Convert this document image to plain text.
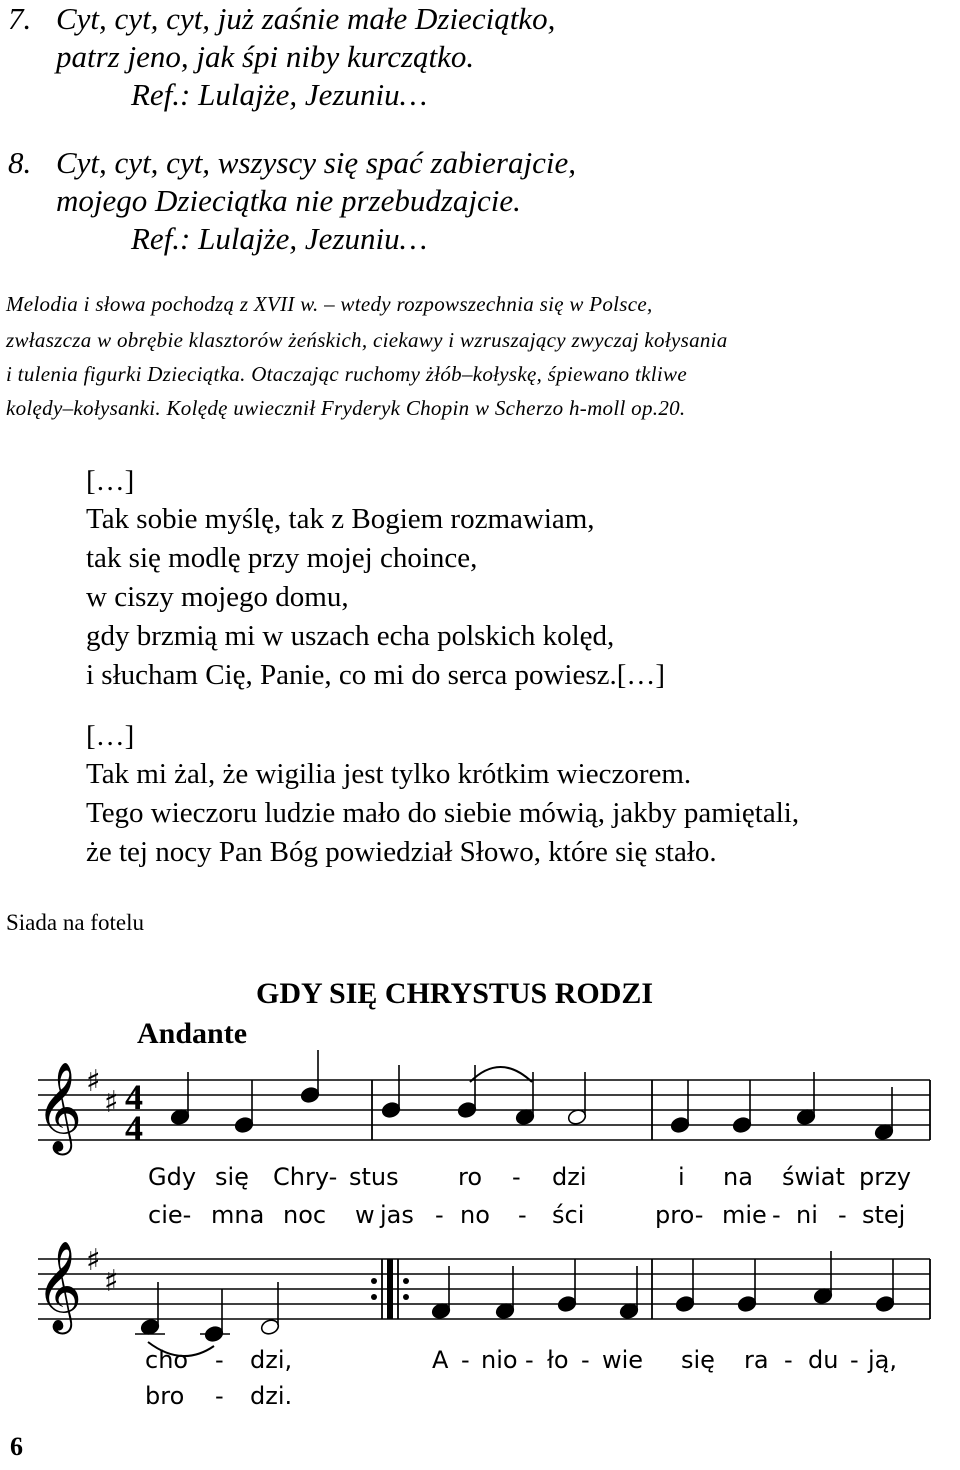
7. Cyt, cyt, cyt, już zaśnie małe Dzieciątko,
patrz jeno, jak śpi niby kurczątko.
Ref.: Lulajże, Jezuniu…
8. Cyt, cyt, cyt, wszyscy się spać zabierajcie,
mojego Dzieciątka nie przebudzajcie.
Ref.: Lulajże, Jezuniu…
Melodia i słowa pochodzą z XVII w. – wtedy rozpowszechnia się w Polsce,
zwłaszcza w obrębie klasztorów żeńskich, ciekawy i wzruszający zwyczaj kołysania
i tulenia figurki Dzieciątka. Otaczając ruchomy żłób–kołyskę, śpiewano tkliwe
kolędy–kołysanki. Kolędę uwiecznił Fryderyk Chopin w Scherzo h-moll op.20.
[…]
Tak sobie myślę, tak z Bogiem rozmawiam,
tak się modlę przy mojej choince,
w ciszy mojego domu,
gdy brzmią mi w uszach echa polskich kolęd,
i słucham Cię, Panie, co mi do serca powiesz.[…]
[…]
Tak mi żal, że wigilia jest tylko krótkim wieczorem.
Tego wieczoru ludzie mało do siebie mówią, jakby pamiętali,
że tej nocy Pan Bóg powiedział Słowo, które się stało.
Siada na fotelu
GDY SIĘ CHRYSTUS RODZI
Andante
𝄞 ♯
♯ 4
4
𝄞 ♯
♯
Gdy się Chry- stus ro - dzi	i na świat przy
cie- mna noc w jas - no - ści	pro- mie - ni - stej
cho - dzi,	A - nio - ło - wie się ra - du - ją,
bro - dzi.
6
